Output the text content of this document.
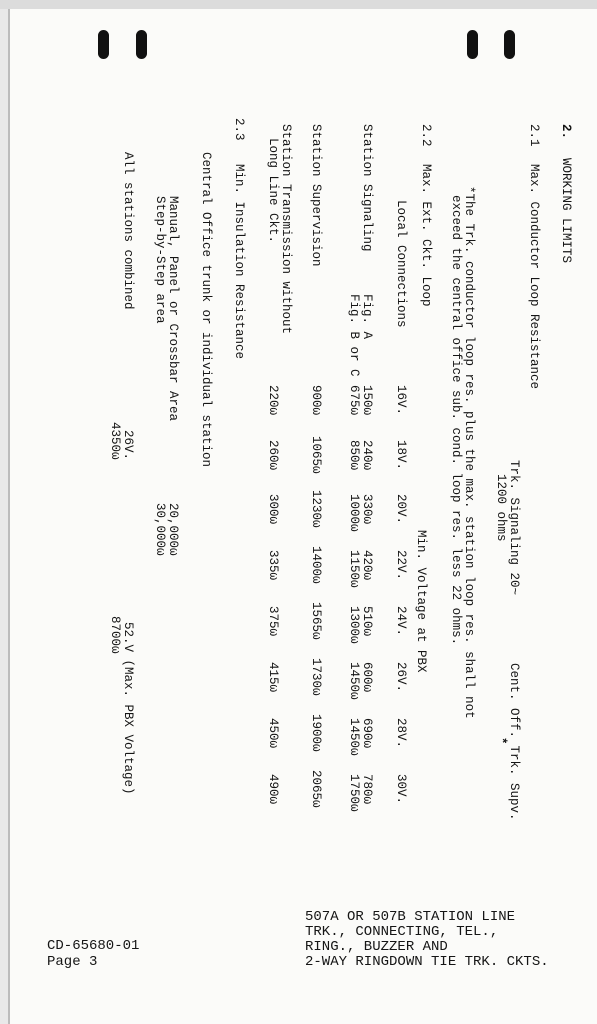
2.
WORKING LIMITS
2.1
Max. Conductor Loop Resistance
Trk. Signaling 20~
1200 ohms
Cent. Off. Trk. Supv.
*
*The Trk. conductor loop res. plus the max. station loop res. shall not
exceed the central office sub. cond. loop res. less 22 ohms.
2.2
Max. Ext. Ckt. Loop
Min. Voltage at PBX
16V.
18V.
20V.
22V.
24V.
26V.
28V.
30V.
Local Connections
Station Signaling
Fig. A
Fig. B or C
150ω
240ω
330ω
420ω
510ω
600ω
690ω
780ω
675ω
850ω
1000ω
1150ω
1300ω
1450ω
1450ω
1750ω
Station Supervision
900ω
1065ω
1230ω
1400ω
1565ω
1730ω
1900ω
2065ω
Station Transmission without
Long Line Ckt.
220ω
260ω
300ω
335ω
375ω
415ω
450ω
490ω
2.3
Min. Insulation Resistance
Central Office trunk or individual station
Manual, Panel or Crossbar Area
Step-by-Step area
20,000ω
30,000ω
All stations combined
26V.
4350ω
52.V (Max. PBX Voltage)
8700ω
CD-65680-01
Page 3
507A OR 507B STATION LINE
TRK., CONNECTING, TEL.,
RING., BUZZER AND
2-WAY RINGDOWN TIE TRK. CKTS.
